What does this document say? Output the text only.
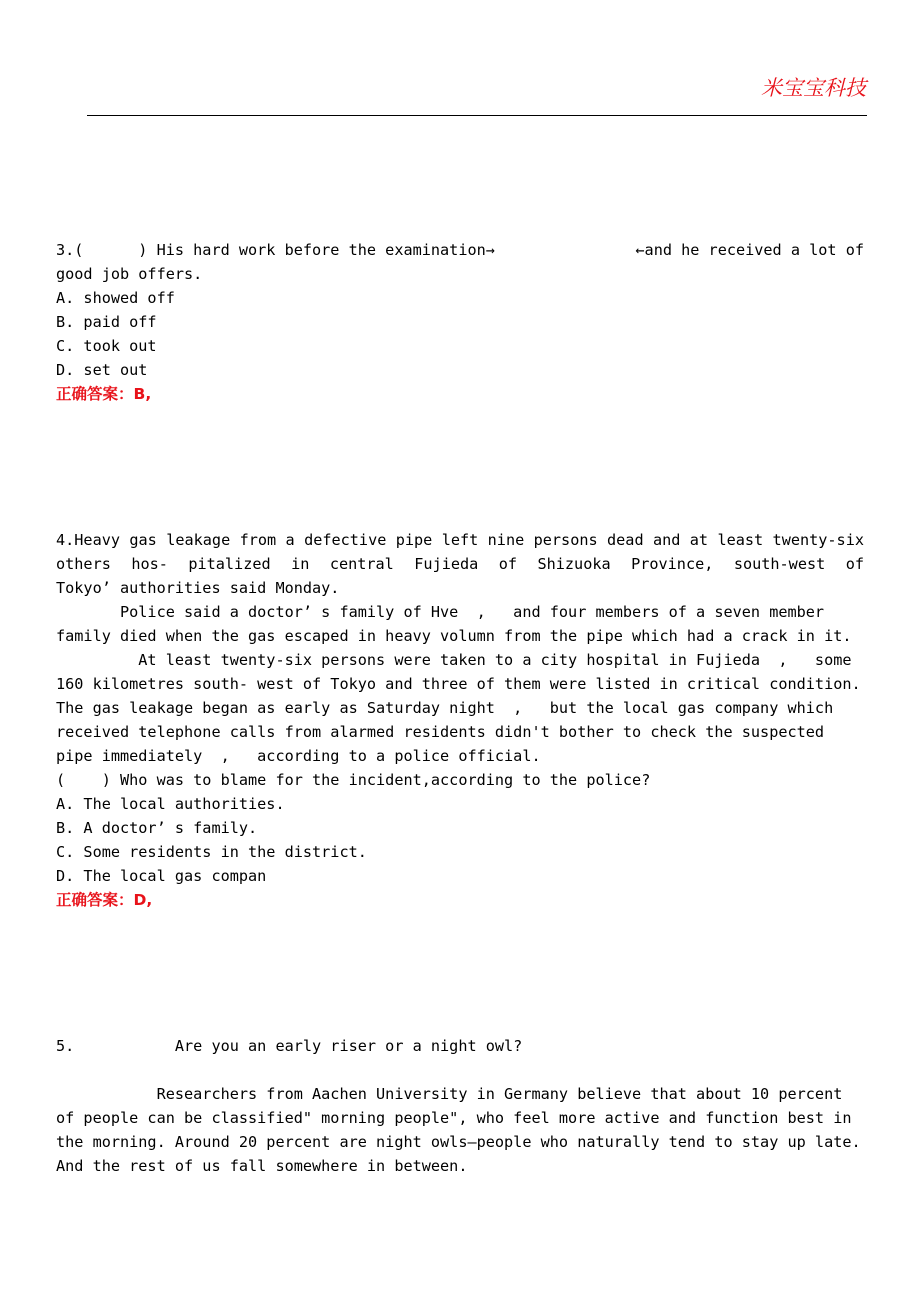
米宝宝科技
3.(      ) His hard work before the examination→	←and he received a lot of
good job offers.
A. showed off
B. paid off
C. took out
D. set out
正确答案：B,
4.Heavy gas leakage from a defective pipe left nine persons dead and at least twenty-six
others hos- pitalized in central Fujieda of Shizuoka Province, south-west of
Tokyo’ authorities said Monday.
Police said a doctor’ s family of Hve  ,   and four members of a seven member
family died when the gas escaped in heavy volumn from the pipe which had a crack in it.
At least twenty-six persons were taken to a city hospital in Fujieda  ,   some
160 kilometres south- west of Tokyo and three of them were listed in critical condition.
The gas leakage began as early as Saturday night  ,   but the local gas company which
received telephone calls from alarmed residents didn't bother to check the suspected
pipe immediately  ,   according to a police official.
(    ) Who was to blame for the incident,according to the police?
A. The local authorities.
B. A doctor’ s family.
C. Some residents in the district.
D. The local gas compan
正确答案：D,
5.           Are you an early riser or a night owl?
Researchers from Aachen University in Germany believe that about 10 percent
of people can be classified" morning people", who feel more active and function best in
the morning. Around 20 percent are night owls—people who naturally tend to stay up late.
And the rest of us fall somewhere in between.
